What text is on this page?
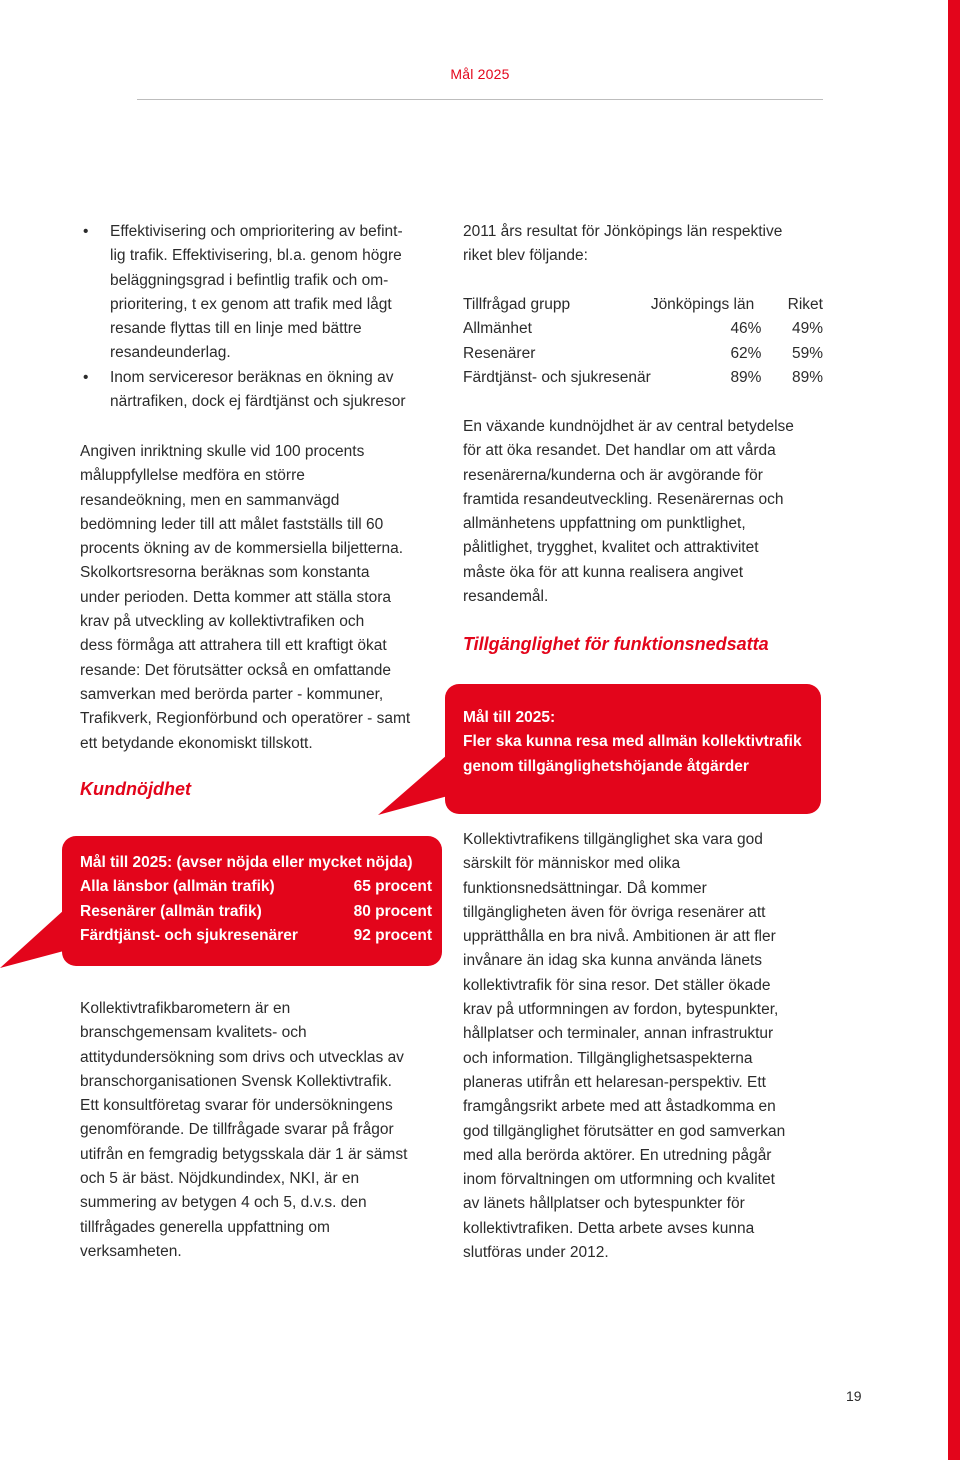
Mål 2025
• Effektivisering och omprioritering av befint-

lig trafik. Effektivisering, bl.a. genom högre

beläggningsgrad i befintlig trafik och om-

prioritering, t ex genom att trafik med lågt

resande flyttas till en linje med bättre

resandeunderlag.

• Inom serviceresor beräknas en ökning av

närtrafiken, dock ej färdtjänst och sjukresor

Angiven inriktning skulle vid 100 procents

måluppfyllelse medföra en större

resandeökning, men en sammanvägd

bedömning leder till att målet fastställs till 60

procents ökning av de kommersiella biljetterna.

Skolkortsresorna beräknas som konstanta

under perioden. Detta kommer att ställa stora

krav på utveckling av kollektivtrafiken och

dess förmåga att attrahera till ett kraftigt ökat

resande: Det förutsätter också en omfattande

samverkan med berörda parter - kommuner,

Trafikverk, Regionförbund och operatörer - samt

ett betydande ekonomiskt tillskott.

Kundnöjdhet
Mål till 2025: (avser nöjda eller mycket nöjda)
Alla länsbor (allmän trafik)	65 procent
Resenärer (allmän trafik)	80 procent
Färdtjänst- och sjukresenärer	92 procent

Kollektivtrafikbarometern är en

branschgemensam kvalitets- och

attitydundersökning som drivs och utvecklas av

branschorganisationen Svensk Kollektivtrafik.

Ett konsultföretag svarar för undersökningens

genomförande. De tillfrågade svarar på frågor

utifrån en femgradig betygsskala där 1 är sämst

och 5 är bäst. Nöjdkundindex, NKI, är en

summering av betygen 4 och 5, d.v.s. den

tillfrågades generella uppfattning om

verksamheten.

2011 års resultat för Jönköpings län respektive

riket blev följande:

Tillfrågad grupp	Jönköpings län	Riket
Allmänhet	46%	49%
Resenärer	62%	59%
Färdtjänst- och sjukresenär	89%	89%

En växande kundnöjdhet är av central betydelse

för att öka resandet. Det handlar om att vårda

resenärerna/kunderna och är avgörande för

framtida resandeutveckling. Resenärernas och

allmänhetens uppfattning om punktlighet,

pålitlighet, trygghet, kvalitet och attraktivitet

måste öka för att kunna realisera angivet

resandemål.

Tillgänglighet för funktionsnedsatta
Mål till 2025:
Fler ska kunna resa med allmän kollektivtrafik
genom tillgänglighetshöjande åtgärder

Kollektivtrafikens tillgänglighet ska vara god

särskilt för människor med olika

funktionsnedsättningar. Då kommer

tillgängligheten även för övriga resenärer att

upprätthålla en bra nivå. Ambitionen är att fler

invånare än idag ska kunna använda länets

kollektivtrafik för sina resor. Det ställer ökade

krav på utformningen av fordon, bytespunkter,

hållplatser och terminaler, annan infrastruktur

och information. Tillgänglighetsaspekterna

planeras utifrån ett helaresan-perspektiv. Ett

framgångsrikt arbete med att åstadkomma en

god tillgänglighet förutsätter en god samverkan

med alla berörda aktörer. En utredning pågår

inom förvaltningen om utformning och kvalitet

av länets hållplatser och bytespunkter för

kollektivtrafiken. Detta arbete avses kunna

slutföras under 2012.

19
